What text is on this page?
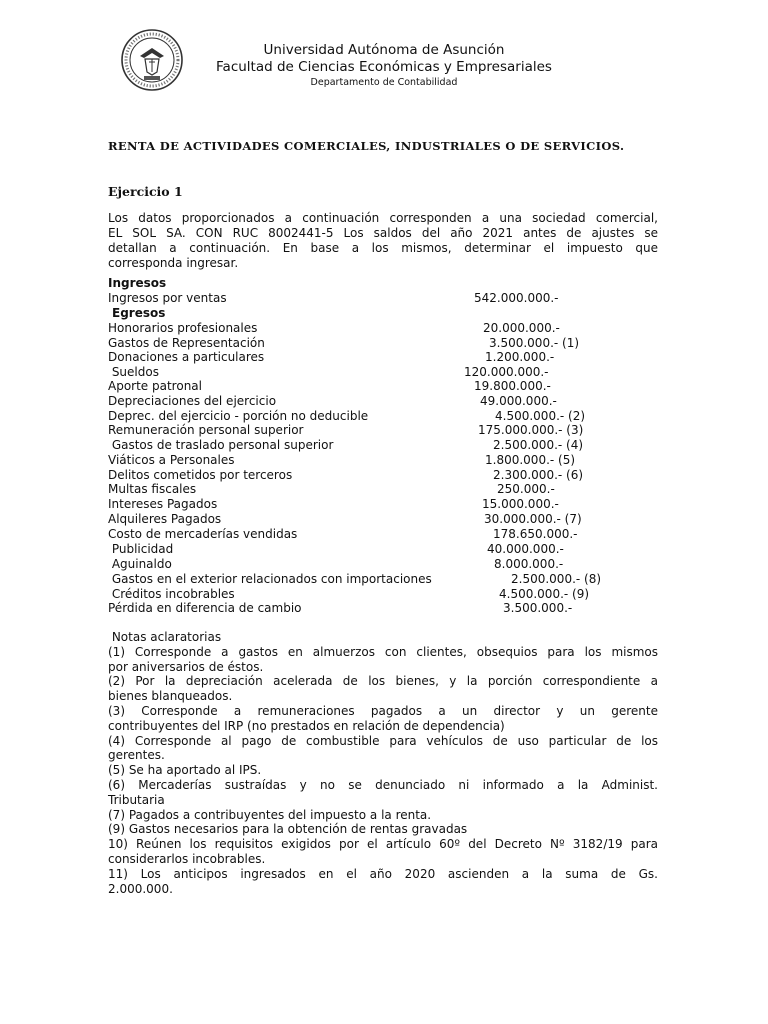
Universidad Autónoma de Asunción
Facultad de Ciencias Económicas y Empresariales
Departamento de Contabilidad
RENTA DE ACTIVIDADES COMERCIALES, INDUSTRIALES O DE SERVICIOS.
Ejercicio 1
Los datos proporcionados a continuación corresponden a una sociedad comercial,
EL SOL SA. CON RUC 8002441-5 Los saldos del año 2021 antes de ajustes se
detallan a continuación. En base a los mismos, determinar el impuesto que
corresponda ingresar.
Ingresos
Ingresos por ventas	542.000.000.-
Egresos
Honorarios profesionales	20.000.000.-
Gastos de Representación	3.500.000.- (1)
Donaciones a particulares	1.200.000.-
Sueldos	120.000.000.-
Aporte patronal	19.800.000.-
Depreciaciones del ejercicio	49.000.000.-
Deprec. del ejercicio - porción no deducible	4.500.000.- (2)
Remuneración personal superior	175.000.000.- (3)
Gastos de traslado personal superior	2.500.000.- (4)
Viáticos a Personales	1.800.000.- (5)
Delitos cometidos por terceros	2.300.000.- (6)
Multas fiscales	250.000.-
Intereses Pagados	15.000.000.-
Alquileres Pagados	30.000.000.- (7)
Costo de mercaderías vendidas	178.650.000.-
Publicidad	40.000.000.-
Aguinaldo	8.000.000.-
Gastos en el exterior relacionados con importaciones	2.500.000.- (8)
Créditos incobrables	4.500.000.- (9)
Pérdida en diferencia de cambio	3.500.000.-
Notas aclaratorias
(1) Corresponde a gastos en almuerzos con clientes, obsequios para los mismos
por aniversarios de éstos.
(2) Por la depreciación acelerada de los bienes, y la porción correspondiente a
bienes blanqueados.
(3) Corresponde a remuneraciones pagados a un director y un gerente
contribuyentes del IRP (no prestados en relación de dependencia)
(4) Corresponde al pago de combustible para vehículos de uso particular de los
gerentes.
(5) Se ha aportado al IPS.
(6) Mercaderías sustraídas y no se denunciado ni informado a la Administ.
Tributaria
(7) Pagados a contribuyentes del impuesto a la renta.
(9) Gastos necesarios para la obtención de rentas gravadas
10) Reúnen los requisitos exigidos por el artículo 60º del Decreto Nº 3182/19 para
considerarlos incobrables.
11) Los anticipos ingresados en el año 2020 ascienden a la suma de Gs.
2.000.000.
